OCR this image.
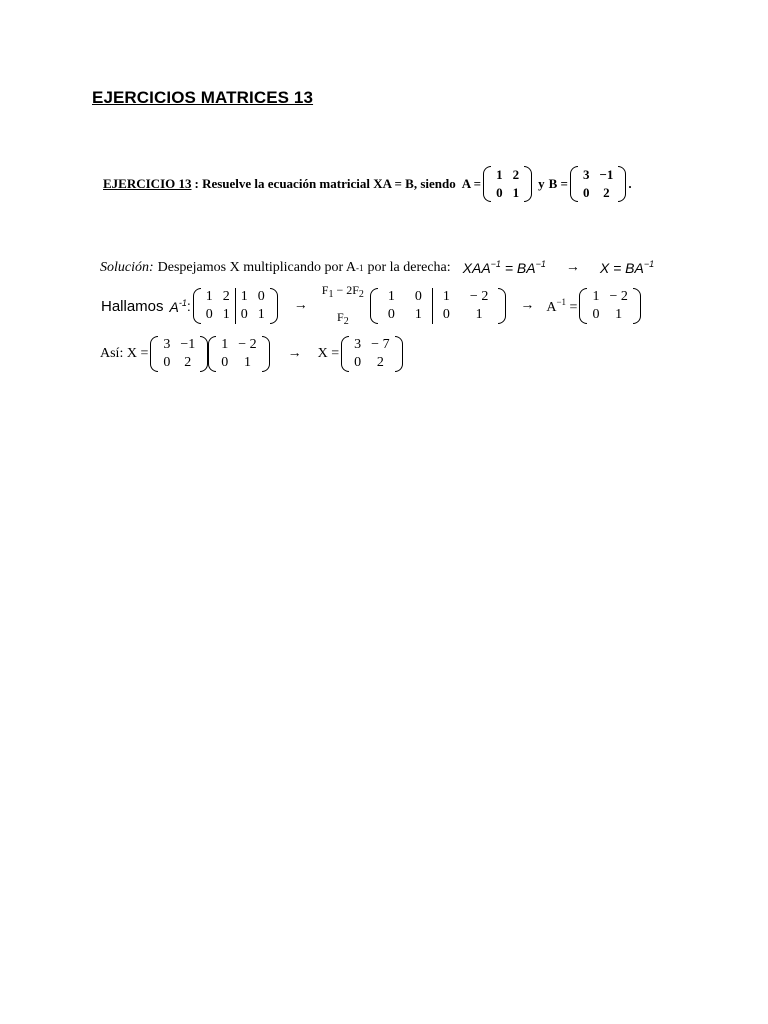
EJERCICIOS MATRICES 13
EJERCICIO 13 : Resuelve la ecuación matricial XA = B, siendo A =
1	2
0	1
y B =
3	−1
0	2
.
Solución: Despejamos X multiplicando por A -1 por la derecha: $XAA^{-1} = BA^{-1} \to X = BA^{-1}$
Hallamos $A^{-1}$ :
1	2	1	0
0	1	0	1
→
$F_1 - 2F_2$
$F_2$
1	0	1	− 2
0	1	0	1
→ $A^{-1}$ =
1	− 2
0	1
Así: X =
3	−1
0	2
1	− 2
0	1
→ X =
3	− 7
0	2
